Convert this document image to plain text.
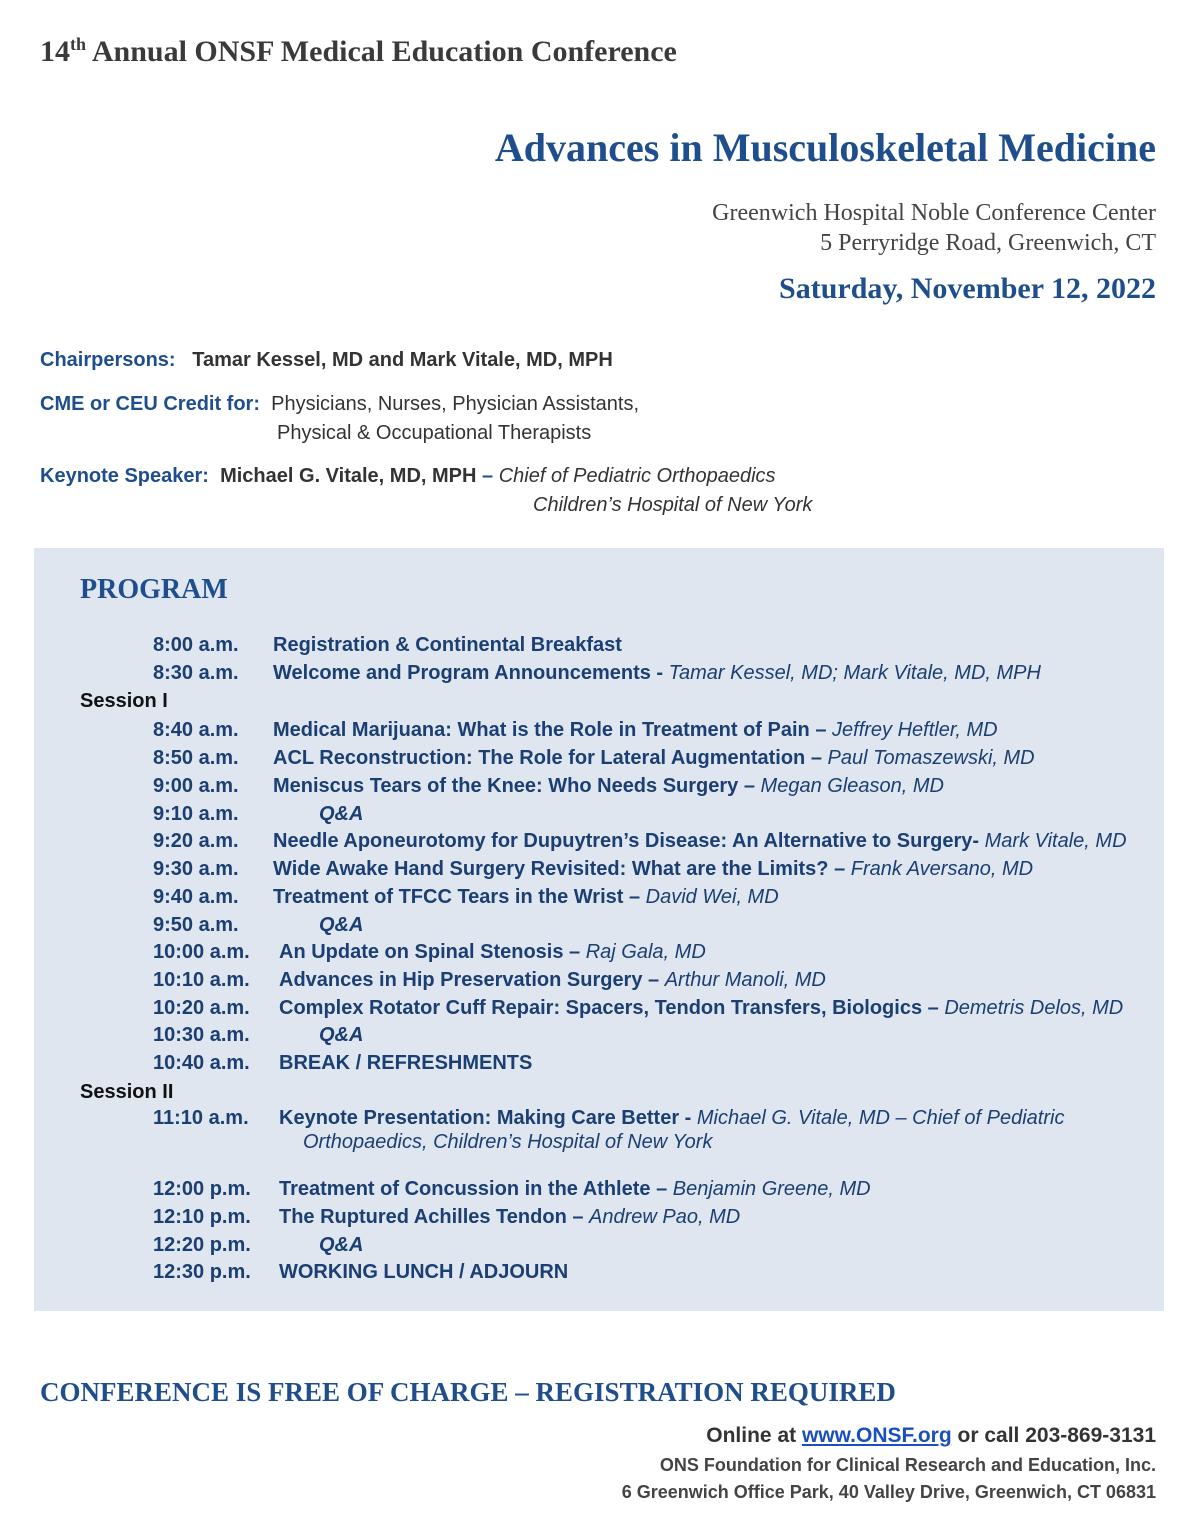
14th Annual ONSF Medical Education Conference
Advances in Musculoskeletal Medicine
Greenwich Hospital Noble Conference Center
5 Perryridge Road, Greenwich, CT
Saturday, November 12, 2022
Chairpersons: Tamar Kessel, MD and Mark Vitale, MD, MPH
CME or CEU Credit for: Physicians, Nurses, Physician Assistants,
Physical & Occupational Therapists
Keynote Speaker: Michael G. Vitale, MD, MPH – Chief of Pediatric Orthopaedics
Children’s Hospital of New York
PROGRAM
8:00 a.m. Registration & Continental Breakfast
8:30 a.m. Welcome and Program Announcements - Tamar Kessel, MD; Mark Vitale, MD, MPH
Session I
8:40 a.m. Medical Marijuana: What is the Role in Treatment of Pain – Jeffrey Heftler, MD
8:50 a.m. ACL Reconstruction: The Role for Lateral Augmentation – Paul Tomaszewski, MD
9:00 a.m. Meniscus Tears of the Knee: Who Needs Surgery – Megan Gleason, MD
9:10 a.m.	Q&A
9:20 a.m. Needle Aponeurotomy for Dupuytren’s Disease: An Alternative to Surgery- Mark Vitale, MD
9:30 a.m. Wide Awake Hand Surgery Revisited: What are the Limits? – Frank Aversano, MD
9:40 a.m. Treatment of TFCC Tears in the Wrist – David Wei, MD
9:50 a.m.	Q&A
10:00 a.m. An Update on Spinal Stenosis – Raj Gala, MD
10:10 a.m. Advances in Hip Preservation Surgery – Arthur Manoli, MD
10:20 a.m. Complex Rotator Cuff Repair: Spacers, Tendon Transfers, Biologics – Demetris Delos, MD
10:30 a.m.	Q&A
10:40 a.m. BREAK / REFRESHMENTS
Session II
11:10 a.m. Keynote Presentation: Making Care Better - Michael G. Vitale, MD – Chief of Pediatric
Orthopaedics, Children’s Hospital of New York
12:00 p.m. Treatment of Concussion in the Athlete – Benjamin Greene, MD
12:10 p.m. The Ruptured Achilles Tendon – Andrew Pao, MD
12:20 p.m.	Q&A
12:30 p.m. WORKING LUNCH / ADJOURN
CONFERENCE IS FREE OF CHARGE – REGISTRATION REQUIRED
Online at www.ONSF.org or call 203-869-3131
ONS Foundation for Clinical Research and Education, Inc.
6 Greenwich Office Park, 40 Valley Drive, Greenwich, CT 06831
